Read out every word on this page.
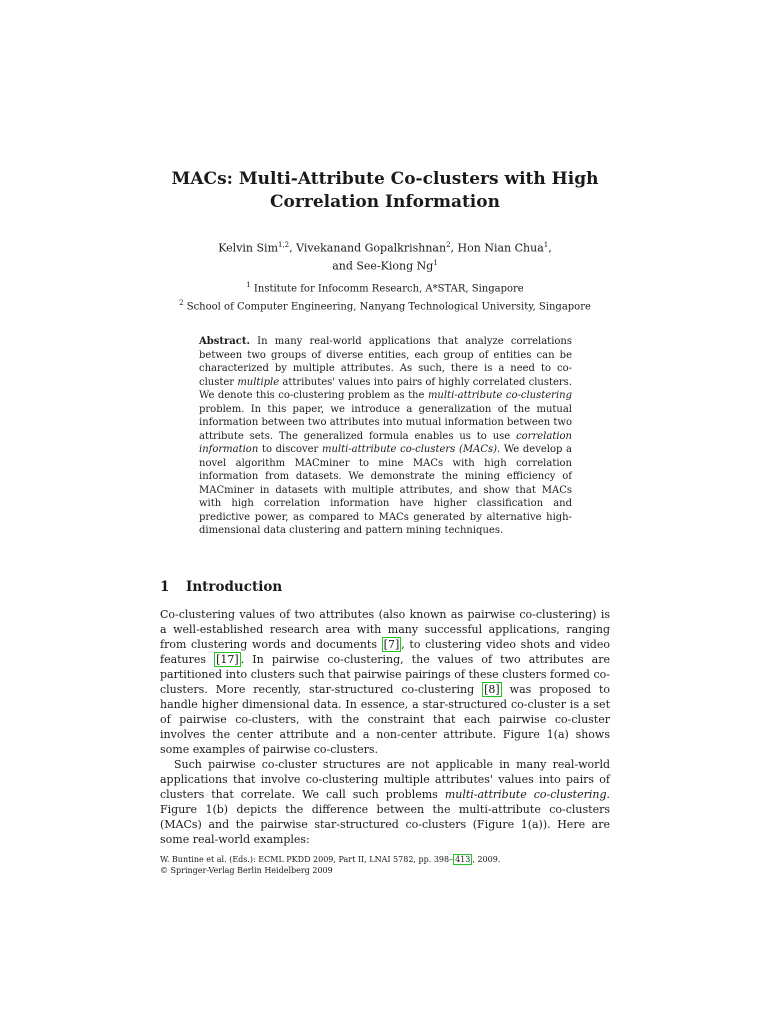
MACs: Multi-Attribute Co-clusters with High
Correlation Information
Kelvin Sim$^{1,2}$, Vivekanand Gopalkrishnan$^2$, Hon Nian Chua$^1$,
and See-Kiong Ng$^1$
$^1$ Institute for Infocomm Research, A*STAR, Singapore
$^2$ School of Computer Engineering, Nanyang Technological University, Singapore
Abstract. In many real-world applications that analyze correlations between two groups of diverse entities, each group of entities can be characterized by multiple attributes. As such, there is a need to co-cluster multiple attributes' values into pairs of highly correlated clusters. We denote this co-clustering problem as the multi-attribute co-clustering problem. In this paper, we introduce a generalization of the mutual information between two attributes into mutual information between two attribute sets. The generalized formula enables us to use correlation information to discover multi-attribute co-clusters (MACs). We develop a novel algorithm MACminer to mine MACs with high correlation information from datasets. We demonstrate the mining efficiency of MACminer in datasets with multiple attributes, and show that MACs with high correlation information have higher classification and predictive power, as compared to MACs generated by alternative high-dimensional data clustering and pattern mining techniques.
1 Introduction

Co-clustering values of two attributes (also known as pairwise co-clustering) is a well-established research area with many successful applications, ranging from clustering words and documents [7] , to clustering video shots and video features [17] . In pairwise co-clustering, the values of two attributes are partitioned into clusters such that pairwise pairings of these clusters formed co-clusters. More recently, star-structured co-clustering [8] was proposed to handle higher dimensional data. In essence, a star-structured co-cluster is a set of pairwise co-clusters, with the constraint that each pairwise co-cluster involves the center attribute and a non-center attribute. Figure 1(a) shows some examples of pairwise co-clusters.

Such pairwise co-cluster structures are not applicable in many real-world applications that involve co-clustering multiple attributes' values into pairs of clusters that correlate. We call such problems multi-attribute co-clustering. Figure 1(b) depicts the difference between the multi-attribute co-clusters (MACs) and the pairwise star-structured co-clusters (Figure 1(a)). Here are some real-world examples:

W. Buntine et al. (Eds.): ECML PKDD 2009, Part II, LNAI 5782, pp. 398– 413 , 2009.
© Springer-Verlag Berlin Heidelberg 2009
